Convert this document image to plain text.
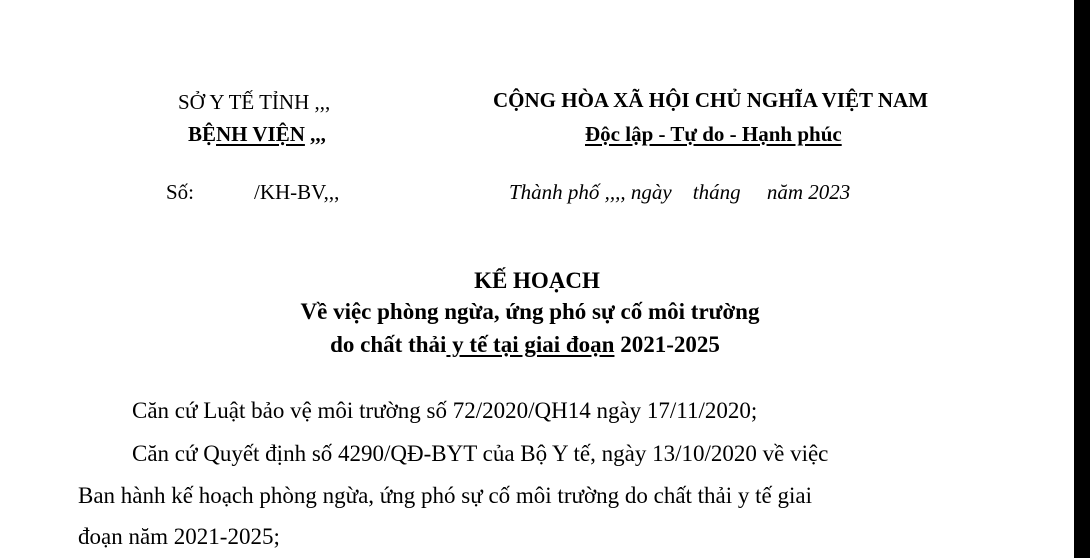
SỞ Y TẾ TỈNH ,,,
BỆNH VIỆN ,,,
Số:	/KH-BV,,,
CỘNG HÒA XÃ HỘI CHỦ NGHĨA VIỆT NAM
Độc lập - Tự do - Hạnh phúc
Thành phố ,,,, ngày    tháng     năm 2023
KẾ HOẠCH
Về việc phòng ngừa, ứng phó sự cố môi trường
do chất thải y tế tại giai đoạn 2021-2025
Căn cứ Luật bảo vệ môi trường số 72/2020/QH14 ngày 17/11/2020;
Căn cứ Quyết định số 4290/QĐ-BYT của Bộ Y tế, ngày 13/10/2020 về việc
Ban hành kế hoạch phòng ngừa, ứng phó sự cố môi trường do chất thải y tế giai
đoạn năm 2021-2025;
